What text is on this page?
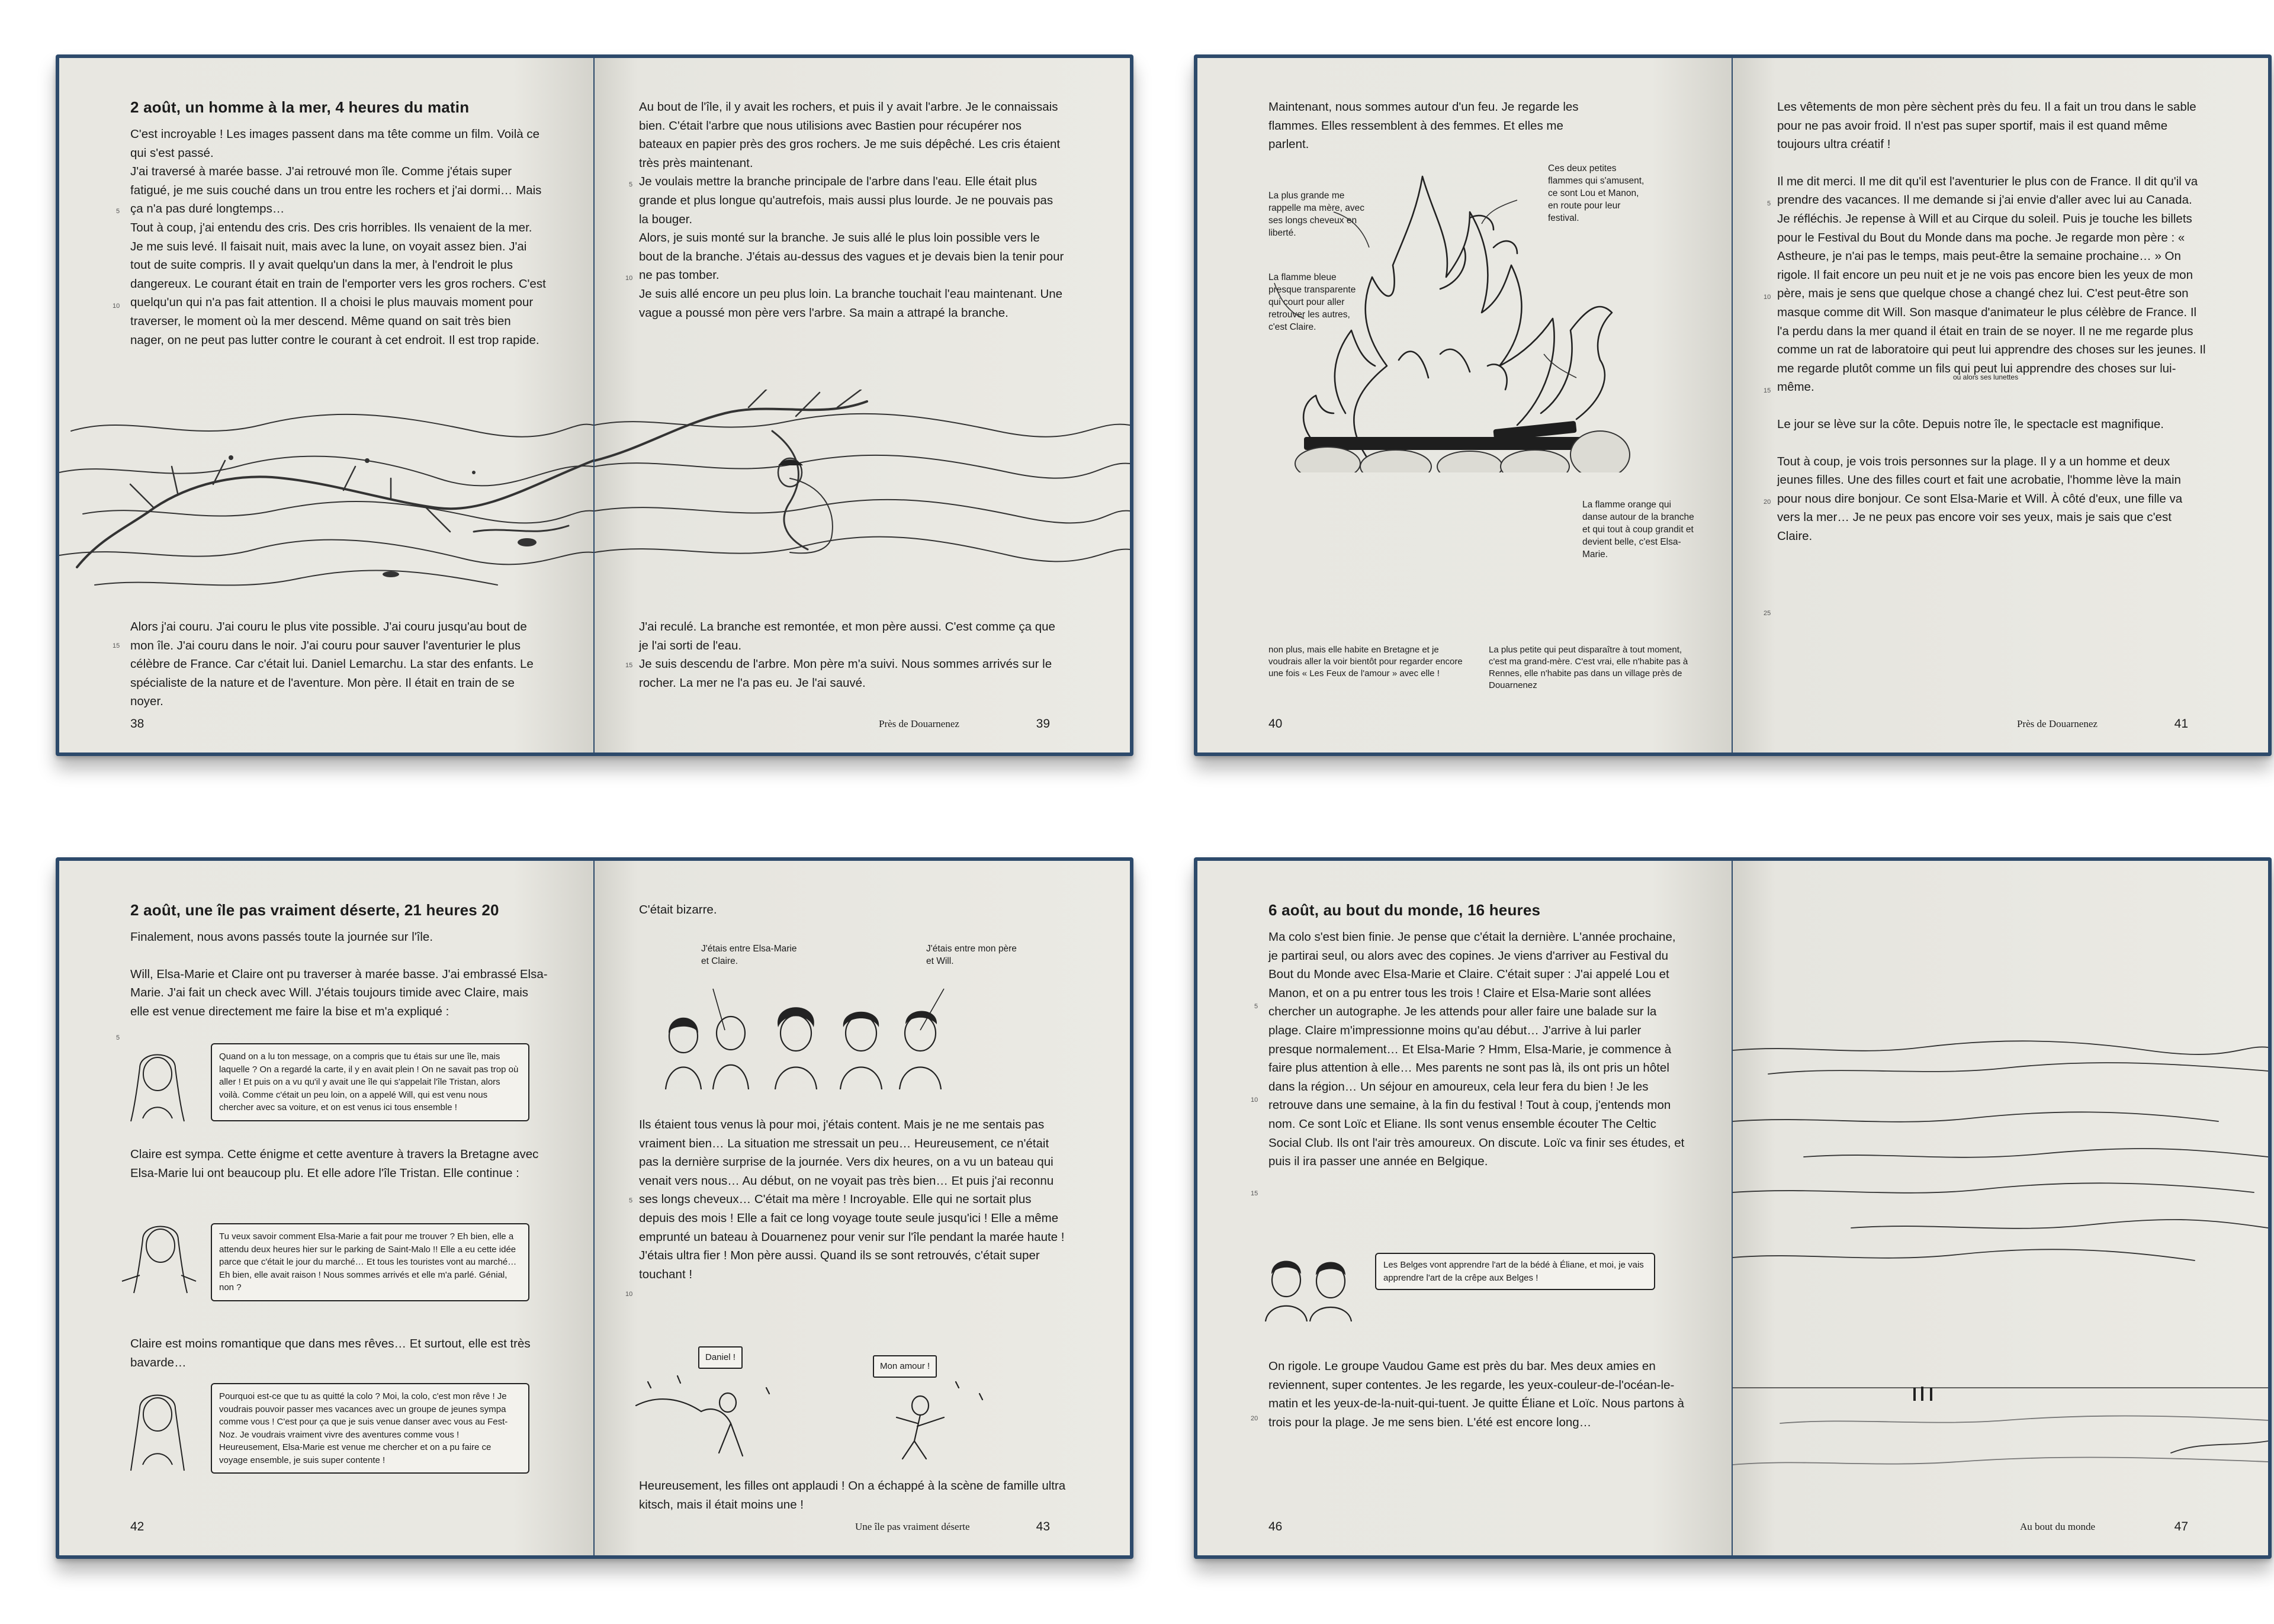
2 août, un homme à la mer, 4 heures du matin

C'est incroyable ! Les images passent dans ma tête comme un film. Voilà ce qui s'est passé.

J'ai traversé à marée basse. J'ai retrouvé mon île. Comme j'étais super fatigué, je me suis couché dans un trou entre les rochers et j'ai dormi… Mais ça n'a pas duré longtemps…

Tout à coup, j'ai entendu des cris. Des cris horribles. Ils venaient de la mer. Je me suis levé. Il faisait nuit, mais avec la lune, on voyait assez bien. J'ai tout de suite compris. Il y avait quelqu'un dans la mer, à l'endroit le plus dangereux. Le courant était en train de l'emporter vers les gros rochers. C'est quelqu'un qui n'a pas fait attention. Il a choisi le plus mauvais moment pour traverser, le moment où la mer descend. Même quand on sait très bien nager, on ne peut pas lutter contre le courant à cet endroit. Il est trop rapide.

5
10

Alors j'ai couru. J'ai couru le plus vite possible. J'ai couru jusqu'au bout de mon île. J'ai couru dans le noir. J'ai couru pour sauver l'aventurier le plus célèbre de France. Car c'était lui. Daniel Lemarchu. La star des enfants. Le spécialiste de la nature et de l'aventure. Mon père. Il était en train de se noyer.

15
38

Au bout de l'île, il y avait les rochers, et puis il y avait l'arbre. Je le connaissais bien. C'était l'arbre que nous utilisions avec Bastien pour récupérer nos bateaux en papier près des gros rochers. Je me suis dépêché. Les cris étaient très près maintenant.

Je voulais mettre la branche principale de l'arbre dans l'eau. Elle était plus grande et plus longue qu'autrefois, mais aussi plus lourde. Je ne pouvais pas la bouger.

Alors, je suis monté sur la branche. Je suis allé le plus loin possible vers le bout de la branche. J'étais au-dessus des vagues et je devais bien la tenir pour ne pas tomber.

Je suis allé encore un peu plus loin. La branche touchait l'eau maintenant. Une vague a poussé mon père vers l'arbre. Sa main a attrapé la branche.

5
10

J'ai reculé. La branche est remontée, et mon père aussi. C'est comme ça que je l'ai sorti de l'eau.

Je suis descendu de l'arbre. Mon père m'a suivi. Nous sommes arrivés sur le rocher. La mer ne l'a pas eu. Je l'ai sauvé.

15
Près de Douarnenez	39
Maintenant, nous sommes autour d'un feu. Je regarde les flammes. Elles ressemblent à des femmes. Et elles me parlent.
La plus grande me rappelle ma mère, avec ses longs cheveux en liberté.
Ces deux petites flammes qui s'amusent, ce sont Lou et Manon, en route pour leur festival.
La flamme bleue presque transparente qui court pour aller retrouver les autres, c'est Claire.
La flamme orange qui danse autour de la branche et qui tout à coup grandit et devient belle, c'est Elsa-Marie.
non plus, mais elle habite en Bretagne et je voudrais aller la voir bientôt pour regarder encore une fois « Les Feux de l'amour » avec elle !
La plus petite qui peut disparaître à tout moment, c'est ma grand-mère. C'est vrai, elle n'habite pas à Rennes, elle n'habite pas dans un village près de Douarnenez
40

Les vêtements de mon père sèchent près du feu. Il a fait un trou dans le sable pour ne pas avoir froid. Il n'est pas super sportif, mais il est quand même toujours ultra créatif !

Il me dit merci. Il me dit qu'il est l'aventurier le plus con de France. Il dit qu'il va prendre des vacances. Il me demande si j'ai envie d'aller avec lui au Canada. Je réfléchis. Je repense à Will et au Cirque du soleil. Puis je touche les billets pour le Festival du Bout du Monde dans ma poche. Je regarde mon père : « Astheure, je n'ai pas le temps, mais peut-être la semaine prochaine… » On rigole. Il fait encore un peu nuit et je ne vois pas encore bien les yeux de mon père, mais je sens que quelque chose a changé chez lui. C'est peut-être son masque comme dit Will. Son masque d'animateur le plus célèbre de France. Il l'a perdu dans la mer quand il était en train de se noyer. Il ne me regarde plus comme un rat de laboratoire qui peut lui apprendre des choses sur les jeunes. Il me regarde plutôt comme un fils qui peut lui apprendre des choses sur lui-même.

Le jour se lève sur la côte. Depuis notre île, le spectacle est magnifique.

Tout à coup, je vois trois personnes sur la plage. Il y a un homme et deux jeunes filles. Une des filles court et fait une acrobatie, l'homme lève la main pour nous dire bonjour. Ce sont Elsa-Marie et Will. À côté d'eux, une fille va vers la mer… Je ne peux pas encore voir ses yeux, mais je sais que c'est Claire.

ou alors ses lunettes
5
10
15
20
25
Près de Douarnenez	41
2 août, une île pas vraiment déserte, 21 heures 20

Finalement, nous avons passés toute la journée sur l'île.

Will, Elsa-Marie et Claire ont pu traverser à marée basse. J'ai embrassé Elsa-Marie. J'ai fait un check avec Will. J'étais toujours timide avec Claire, mais elle est venue directement me faire la bise et m'a expliqué :

5
Quand on a lu ton message, on a compris que tu étais sur une île, mais laquelle ? On a regardé la carte, il y en avait plein ! On ne savait pas trop où aller ! Et puis on a vu qu'il y avait une île qui s'appelait l'île Tristan, alors voilà. Comme c'était un peu loin, on a appelé Will, qui est venu nous chercher avec sa voiture, et on est venus ici tous ensemble !
Claire est sympa. Cette énigme et cette aventure à travers la Bretagne avec Elsa-Marie lui ont beaucoup plu. Et elle adore l'île Tristan. Elle continue :
Tu veux savoir comment Elsa-Marie a fait pour me trouver ? Eh bien, elle a attendu deux heures hier sur le parking de Saint-Malo !! Elle a eu cette idée parce que c'était le jour du marché… Et tous les touristes vont au marché… Eh bien, elle avait raison ! Nous sommes arrivés et elle m'a parlé. Génial, non ?
Claire est moins romantique que dans mes rêves… Et surtout, elle est très bavarde…
Pourquoi est-ce que tu as quitté la colo ? Moi, la colo, c'est mon rêve ! Je voudrais pouvoir passer mes vacances avec un groupe de jeunes sympa comme vous ! C'est pour ça que je suis venue danser avec vous au Fest-Noz. Je voudrais vraiment vivre des aventures comme vous ! Heureusement, Elsa-Marie est venue me chercher et on a pu faire ce voyage ensemble, je suis super contente !
42
C'était bizarre.
J'étais entre Elsa-Marie et Claire.
J'étais entre mon père et Will.

Ils étaient tous venus là pour moi, j'étais content. Mais je ne me sentais pas vraiment bien… La situation me stressait un peu… Heureusement, ce n'était pas la dernière surprise de la journée. Vers dix heures, on a vu un bateau qui venait vers nous… Au début, on ne voyait pas très bien… Et puis j'ai reconnu ses longs cheveux… C'était ma mère ! Incroyable. Elle qui ne sortait plus depuis des mois ! Elle a fait ce long voyage toute seule jusqu'ici ! Elle a même emprunté un bateau à Douarnenez pour venir sur l'île pendant la marée haute ! J'étais ultra fier ! Mon père aussi. Quand ils se sont retrouvés, c'était super touchant !

5
10
Daniel !
Mon amour !
Heureusement, les filles ont applaudi ! On a échappé à la scène de famille ultra kitsch, mais il était moins une !
Une île pas vraiment déserte	43
6 août, au bout du monde, 16 heures
Ma colo s'est bien finie. Je pense que c'était la dernière. L'année prochaine, je partirai seul, ou alors avec des copines. Je viens d'arriver au Festival du Bout du Monde avec Elsa-Marie et Claire. C'était super : J'ai appelé Lou et Manon, et on a pu entrer tous les trois ! Claire et Elsa-Marie sont allées chercher un autographe. Je les attends pour aller faire une balade sur la plage. Claire m'impressionne moins qu'au début… J'arrive à lui parler presque normalement… Et Elsa-Marie ? Hmm, Elsa-Marie, je commence à faire plus attention à elle… Mes parents ne sont pas là, ils ont pris un hôtel dans la région… Un séjour en amoureux, cela leur fera du bien ! Je les retrouve dans une semaine, à la fin du festival ! Tout à coup, j'entends mon nom. Ce sont Loïc et Eliane. Ils sont venus ensemble écouter The Celtic Social Club. Ils ont l'air très amoureux. On discute. Loïc va finir ses études, et puis il ira passer une année en Belgique.
5
10
15
Les Belges vont apprendre l'art de la bédé à Éliane, et moi, je vais apprendre l'art de la crêpe aux Belges !
On rigole. Le groupe Vaudou Game est près du bar. Mes deux amies en reviennent, super contentes. Je les regarde, les yeux-couleur-de-l'océan-le-matin et les yeux-de-la-nuit-qui-tuent. Je quitte Éliane et Loïc. Nous partons à trois pour la plage. Je me sens bien. L'été est encore long…
20
46	Au bout du monde	47
